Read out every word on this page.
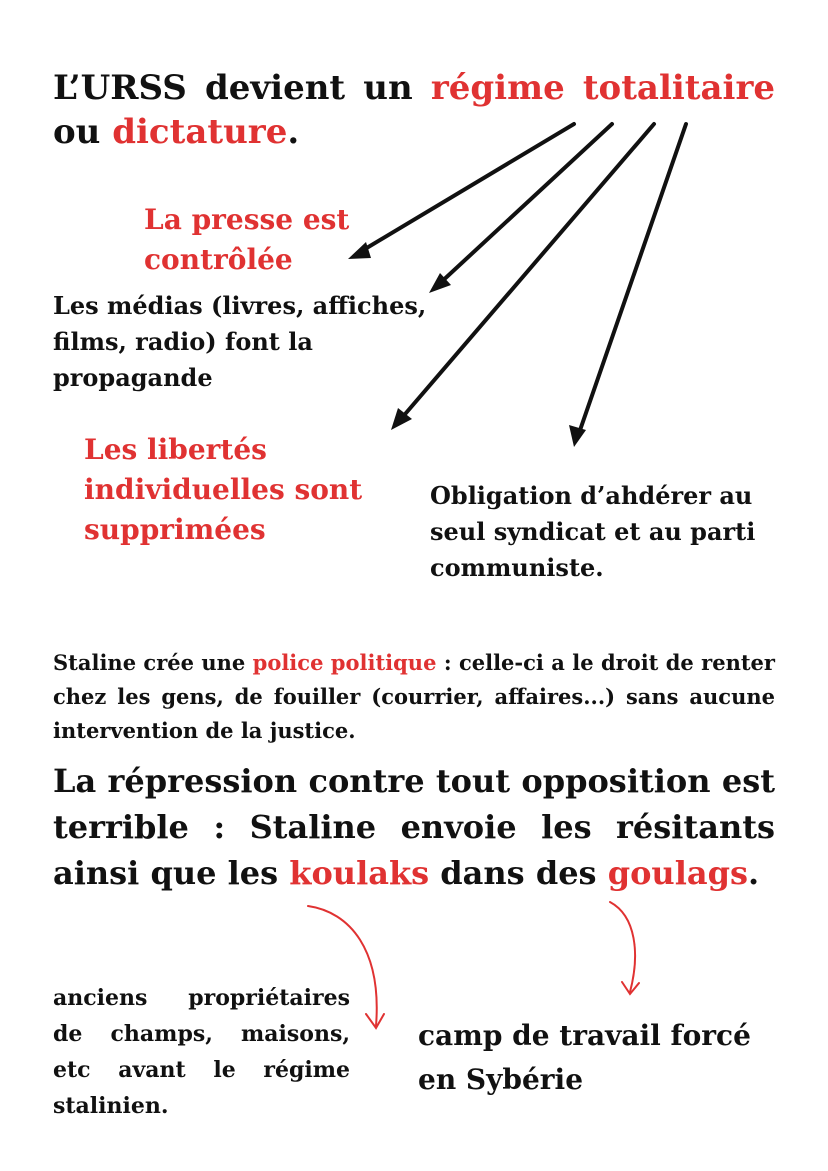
L’URSS devient un régime totalitaire ou dictature.

La presse est
contrôlée
Les médias (livres, affiches,
films, radio) font la
propagande
Les libertés
individuelles sont
supprimées
Obligation d’ahdérer au
seul syndicat et au parti
communiste.

Staline crée une police politique : celle-ci a le droit de renter chez les gens, de fouiller (courrier, affaires...) sans aucune intervention de la justice.

La répression contre tout opposition est terrible : Staline envoie les résitants ainsi que les koulaks dans des goulags.

anciens propriétaires de champs, maisons, etc avant le régime stalinien.

camp de travail forcé
en Sybérie
